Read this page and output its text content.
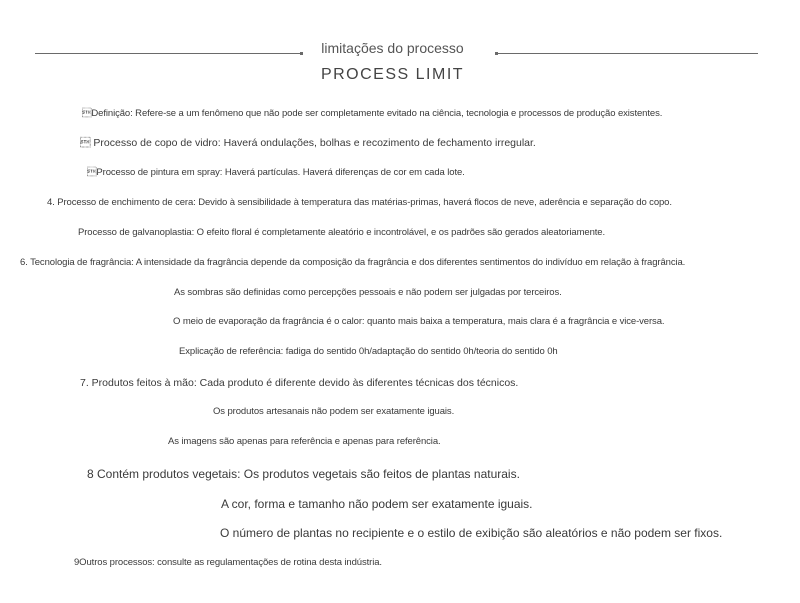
limitações do processo
PROCESS LIMIT
Definição: Refere-se a um fenômeno que não pode ser completamente evitado na ciência, tecnologia e processos de produção existentes.
 Processo de copo de vidro: Haverá ondulações, bolhas e recozimento de fechamento irregular.
Processo de pintura em spray: Haverá partículas. Haverá diferenças de cor em cada lote.
4. Processo de enchimento de cera: Devido à sensibilidade à temperatura das matérias-primas, haverá flocos de neve, aderência e separação do copo.
Processo de galvanoplastia: O efeito floral é completamente aleatório e incontrolável, e os padrões são gerados aleatoriamente.
6. Tecnologia de fragrância: A intensidade da fragrância depende da composição da fragrância e dos diferentes sentimentos do indivíduo em relação à fragrância.
As sombras são definidas como percepções pessoais e não podem ser julgadas por terceiros.
O meio de evaporação da fragrância é o calor: quanto mais baixa a temperatura, mais clara é a fragrância e vice-versa.
Explicação de referência: fadiga do sentido 0h/adaptação do sentido 0h/teoria do sentido 0h
7. Produtos feitos à mão: Cada produto é diferente devido às diferentes técnicas dos técnicos.
Os produtos artesanais não podem ser exatamente iguais.
As imagens são apenas para referência e apenas para referência.
8 Contém produtos vegetais: Os produtos vegetais são feitos de plantas naturais.
A cor, forma e tamanho não podem ser exatamente iguais.
O número de plantas no recipiente e o estilo de exibição são aleatórios e não podem ser fixos.
9Outros processos: consulte as regulamentações de rotina desta indústria.
